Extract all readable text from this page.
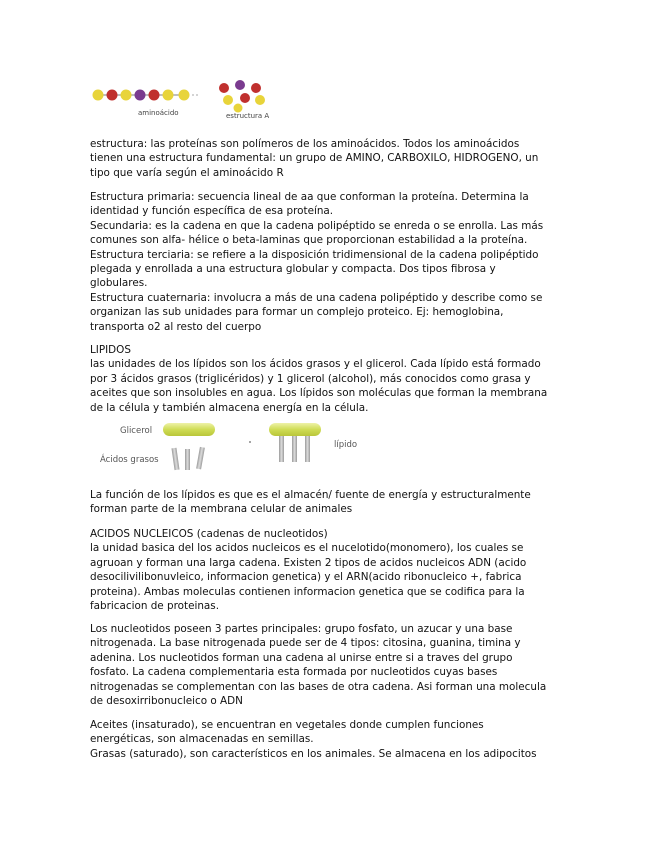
aminoácido	estructura A
estructura: las proteínas son polímeros de los aminoácidos. Todos los aminoácidos
tienen una estructura fundamental: un grupo de AMINO, CARBOXILO, HIDROGENO, un
tipo que varía según el aminoácido R
Estructura primaria: secuencia lineal de aa que conforman la proteína. Determina la
identidad y función específica de esa proteína.
Secundaria: es la cadena en que la cadena polipéptido se enreda o se enrolla. Las más
comunes son alfa- hélice o beta-laminas que proporcionan estabilidad a la proteína.
Estructura terciaria: se refiere a la disposición tridimensional de la cadena polipéptido
plegada y enrollada a una estructura globular y compacta. Dos tipos fibrosa y
globulares.
Estructura cuaternaria: involucra a más de una cadena polipéptido y describe como se
organizan las sub unidades para formar un complejo proteico. Ej: hemoglobina,
transporta o2 al resto del cuerpo
LIPIDOS
las unidades de los lípidos son los ácidos grasos y el glicerol. Cada lípido está formado
por 3 ácidos grasos (triglicéridos) y 1 glicerol (alcohol), más conocidos como grasa y
aceites que son insolubles en agua. Los lípidos son moléculas que forman la membrana
de la célula y también almacena energía en la célula.
Glicerol
Ácidos grasos
lípido
La función de los lípidos es que es el almacén/ fuente de energía y estructuralmente
forman parte de la membrana celular de animales
ACIDOS NUCLEICOS (cadenas de nucleotidos)
la unidad basica del los acidos nucleicos es el nucelotido(monomero), los cuales se
agruoan y forman una larga cadena. Existen 2 tipos de acidos nucleicos ADN (acido
desocilivilibonuvleico, informacion genetica) y el ARN(acido ribonucleico +, fabrica
proteina). Ambas moleculas contienen informacion genetica que se codifica para la
fabricacion de proteinas.
Los nucleotidos poseen 3 partes principales: grupo fosfato, un azucar y una base
nitrogenada. La base nitrogenada puede ser de 4 tipos: citosina, guanina, timina y
adenina. Los nucleotidos forman una cadena al unirse entre si a traves del grupo
fosfato. La cadena complementaria esta formada por nucleotidos cuyas bases
nitrogenadas se complementan con las bases de otra cadena. Asi forman una molecula
de desoxirribonucleico o ADN
Aceites (insaturado), se encuentran en vegetales donde cumplen funciones
energéticas, son almacenadas en semillas.
Grasas (saturado), son característicos en los animales. Se almacena en los adipocitos
